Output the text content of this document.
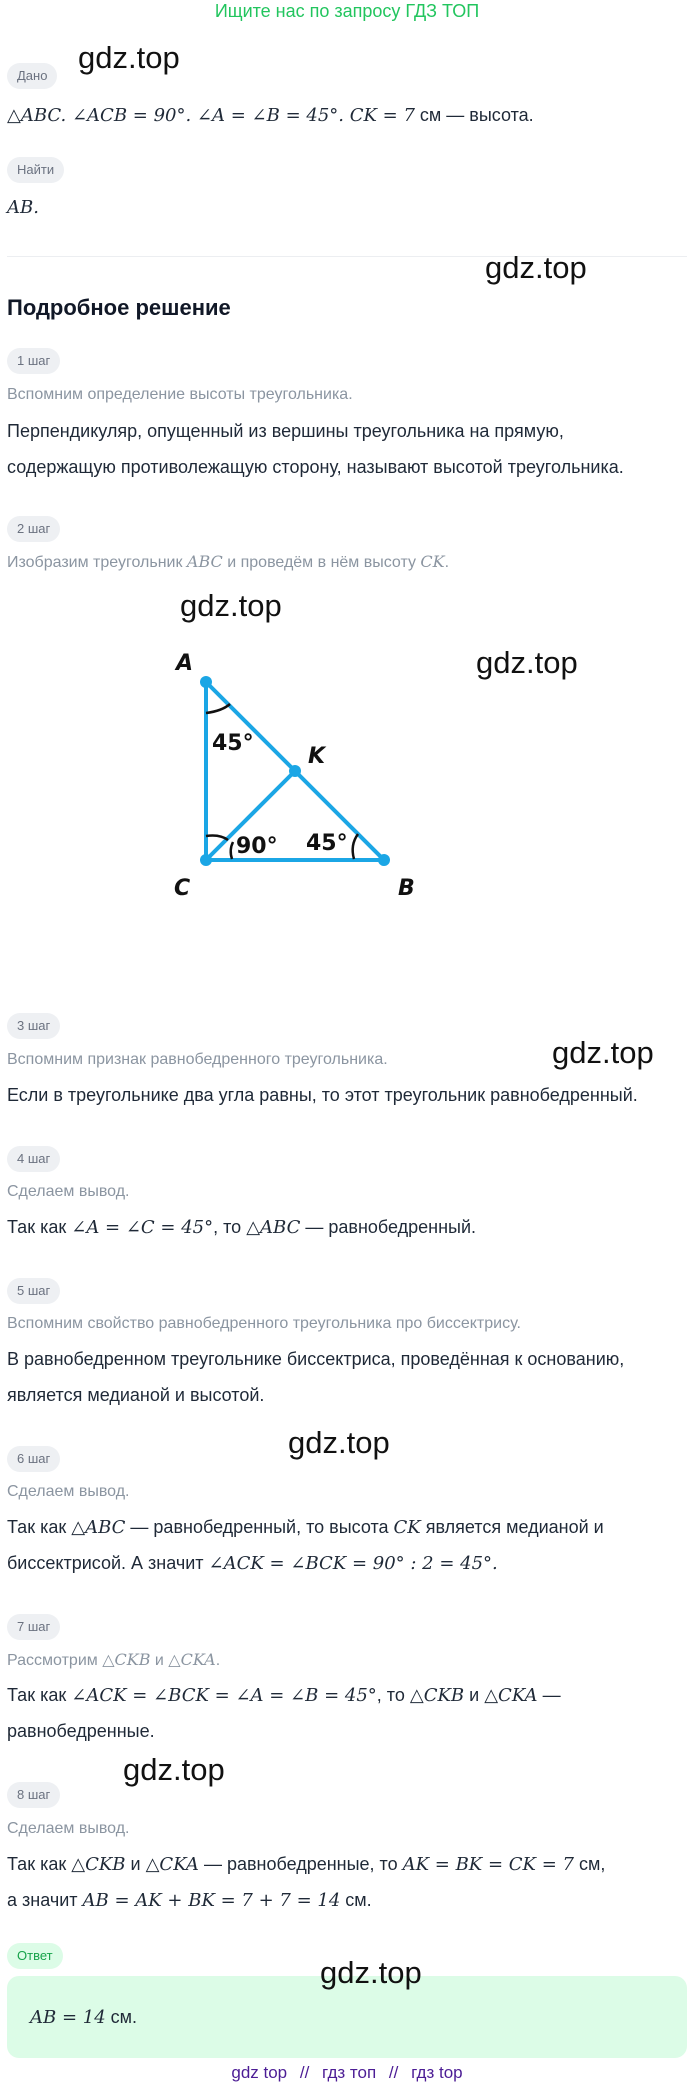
Ищите нас по запросу ГДЗ ТОП
Дано
gdz.top
△ABC. ∠ACB = 90°. ∠A = ∠B = 45°. CK = 7 см — высота.
Найти
AB.
gdz.top
Подробное решение
1 шаг
Вспомним определение высоты треугольника.
Перпендикуляр, опущенный из вершины треугольника на прямую,
содержащую противолежащую сторону, называют высотой треугольника.
2 шаг
Изобразим треугольник ABC и проведём в нём высоту CK.
gdz.top
gdz.top
A
B
C
K
45°
90° 45°
3 шаг
Вспомним признак равнобедренного треугольника.	gdz.top
Если в треугольнике два угла равны, то этот треугольник равнобедренный.
4 шаг
Сделаем вывод.
Так как ∠A = ∠C = 45°, то △ABC — равнобедренный.
5 шаг
Вспомним свойство равнобедренного треугольника про биссектрису.
В равнобедренном треугольнике биссектриса, проведённая к основанию,
является медианой и высотой.
gdz.top
6 шаг
Сделаем вывод.
Так как △ABC — равнобедренный, то высота CK является медианой и
биссектрисой. А значит ∠ACK = ∠BCK = 90° : 2 = 45°.
7 шаг
Рассмотрим △CKB и △CKA.
Так как ∠ACK = ∠BCK = ∠A = ∠B = 45°, то △CKB и △CKA —
равнобедренные.
gdz.top
8 шаг
Сделаем вывод.
Так как △CKB и △CKA — равнобедренные, то AK = BK = CK = 7 см,
а значит AB = AK + BK = 7 + 7 = 14 см.
Ответ	gdz.top
AB = 14 см.
gdz top // гдз топ // гдз top
